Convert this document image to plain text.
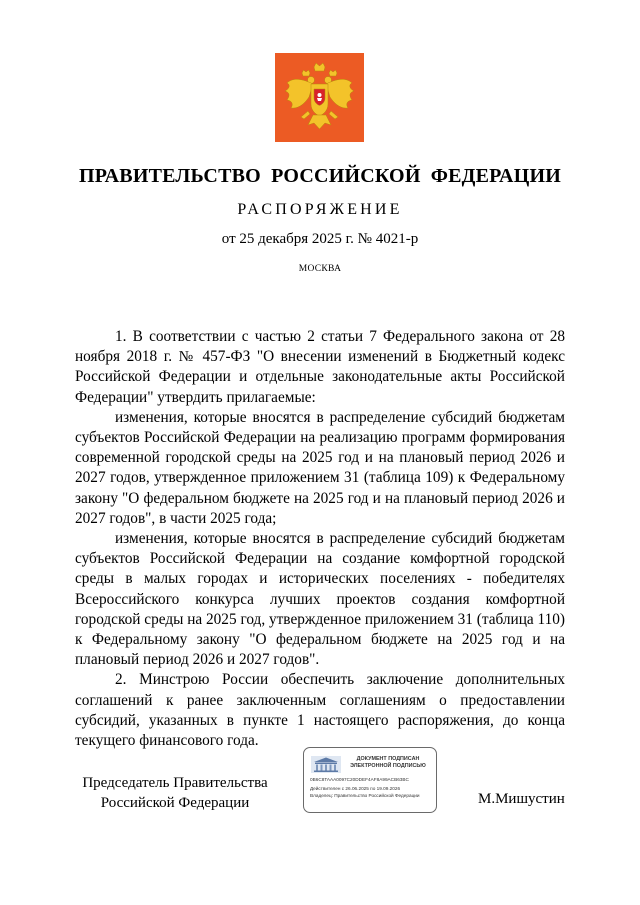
ПРАВИТЕЛЬСТВО РОССИЙСКОЙ ФЕДЕРАЦИИ
РАСПОРЯЖЕНИЕ
от 25 декабря 2025 г. № 4021-р
МОСКВА

1. В соответствии с частью 2 статьи 7 Федерального закона от 28 ноября 2018 г. № 457-ФЗ "О внесении изменений в Бюджетный кодекс Российской Федерации и отдельные законодательные акты Российской Федерации" утвердить прилагаемые:

изменения, которые вносятся в распределение субсидий бюджетам субъектов Российской Федерации на реализацию программ формирования современной городской среды на 2025 год и на плановый период 2026 и 2027 годов, утвержденное приложением 31 (таблица 109) к Федеральному закону "О федеральном бюджете на 2025 год и на плановый период 2026 и 2027 годов", в части 2025 года;

изменения, которые вносятся в распределение субсидий бюджетам субъектов Российской Федерации на создание комфортной городской среды в малых городах и исторических поселениях - победителях Всероссийского конкурса лучших проектов создания комфортной городской среды на 2025 год, утвержденное приложением 31 (таблица 110) к Федеральному закону "О федеральном бюджете на 2025 год и на плановый период 2026 и 2027 годов".

2. Минстрою России обеспечить заключение дополнительных соглашений к ранее заключенным соглашениям о предоставлении субсидий, указанных в пункте 1 настоящего распоряжения, до конца текущего финансового года.

Председатель Правительства
Российской Федерации
ДОКУМЕНТ ПОДПИСАН
ЭЛЕКТРОННОЙ ПОДПИСЬЮ
0B6C8TAAA0097C20DDEF4AF8A99ACB63BC
Действителен с 26.06.2025 по 19.09.2026
Владелец: Правительство Российской Федерации	М.Мишустин
